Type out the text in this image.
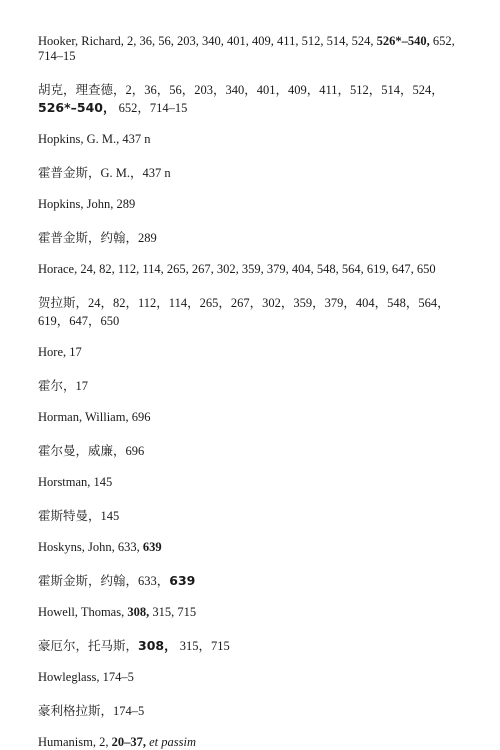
Hooker, Richard, 2, 36, 56, 203, 340, 401, 409, 411, 512, 514, 524, 526*–540, 652, 714–15

胡克，理查德，2，36，56，203，340，401，409，411，512，514，524，526*–540， 652，714–15

Hopkins, G. M., 437 n

霍普金斯，G. M.，437 n

Hopkins, John, 289

霍普金斯，约翰，289

Horace, 24, 82, 112, 114, 265, 267, 302, 359, 379, 404, 548, 564, 619, 647, 650

贺拉斯，24，82，112，114，265，267，302，359，379，404，548，564，619，647，650

Hore, 17

霍尔，17

Horman, William, 696

霍尔曼，威廉，696

Horstman, 145

霍斯特曼，145

Hoskyns, John, 633, 639

霍斯金斯，约翰，633，639

Howell, Thomas, 308, 315, 715

豪厄尔，托马斯，308， 315，715

Howleglass, 174–5

豪利格拉斯，174–5

Humanism, 2, 20–37, et passim
